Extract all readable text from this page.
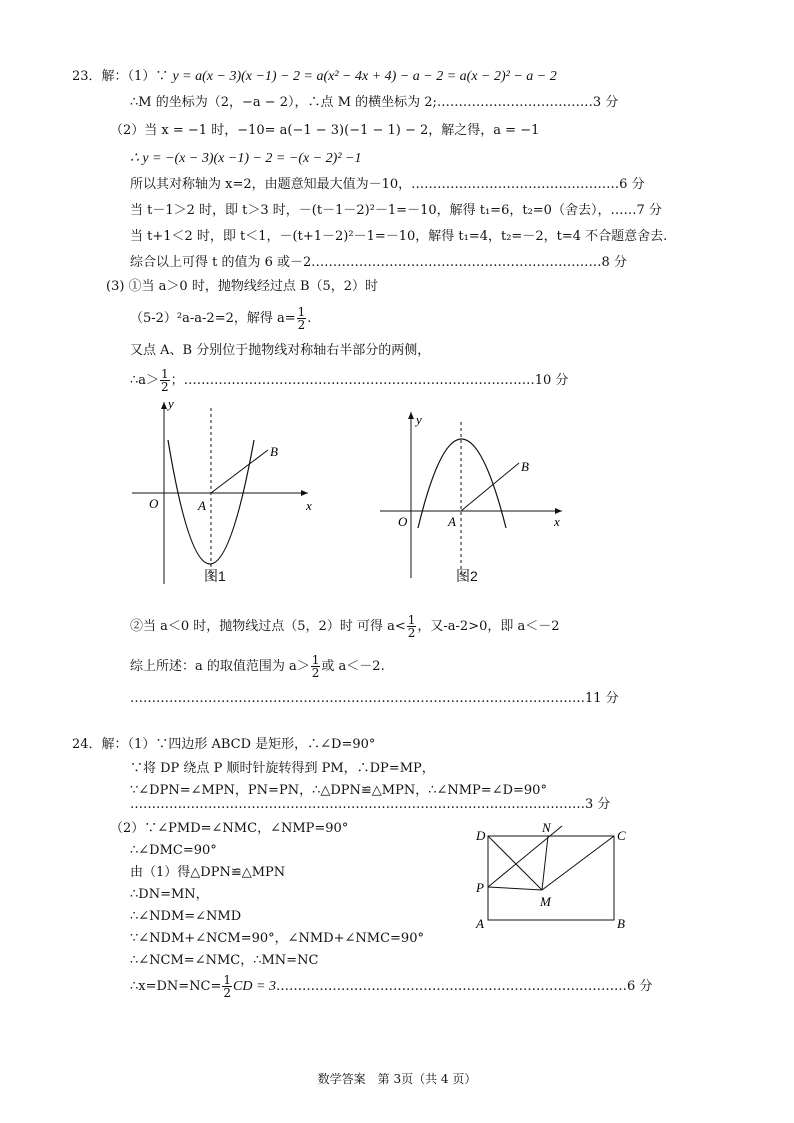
23．解：（1）∵ y = a(x − 3)(x −1) − 2 = a(x² − 4x + 4) − a − 2 = a(x − 2)² − a − 2
∴M 的坐标为（2，−a − 2），∴点 M 的横坐标为 2;………………………………3 分
（2）当 x = −1 时，−10= a(−1 − 3)(−1 − 1) − 2，解之得，a = −1
∴ y = −(x − 3)(x −1) − 2 = −(x − 2)² −1
所以其对称轴为 x=2，由题意知最大值为－10，…………………………………………6 分
当 t－1＞2 时，即 t＞3 时，－(t－1－2)²－1=－10，解得 t₁=6，t₂=0（舍去），……7 分
当 t+1＜2 时，即 t＜1，－(t+1－2)²－1=－10，解得 t₁=4，t₂=－2，t=4 不合题意舍去.
综合以上可得 t 的值为 6 或－2.…………………………………………………………8 分
(3) ①当 a＞0 时，抛物线经过点 B（5，2）时
（5-2）²a-a-2=2，解得 $a= \frac{1}{2}$ .
又点 A、B 分别位于抛物线对称轴右半部分的两侧，
∴a＞ $\frac{1}{2}$ ；………………………………………………………………………10 分
y
x
O	A
B
图1
y
x
O	A
B
图2
②当 a＜0 时，抛物线过点（5，2）时 可得 $a< \frac{1}{2}$ ，又-a-2>0，即 a＜－2
综上所述：a 的取值范围为 $a> \frac{1}{2}$ 或 a＜－2.
……………………………………………………………………………………………11 分
24．解：（1）∵四边形 ABCD 是矩形，∴∠D=90°
∵将 DP 绕点 P 顺时针旋转得到 PM，∴DP=MP，
∵∠DPN=∠MPN，PN=PN，∴△DPN≌△MPN，∴∠NMP=∠D=90°
……………………………………………………………………………………………3 分
（2）∵∠PMD=∠NMC，∠NMP=90°
∴∠DMC=90°
由（1）得△DPN≌△MPN
∴DN=MN，
∴∠NDM=∠NMD
∵∠NDM+∠NCM=90°，∠NMD+∠NMC=90°
∴∠NCM=∠NMC，∴MN=NC
∴x=DN=NC= $\frac{1}{2}$ CD = 3………………………………………………………………………6 分
D
N
C
P
M
A	B
数学答案　第 3页（共 4 页）
